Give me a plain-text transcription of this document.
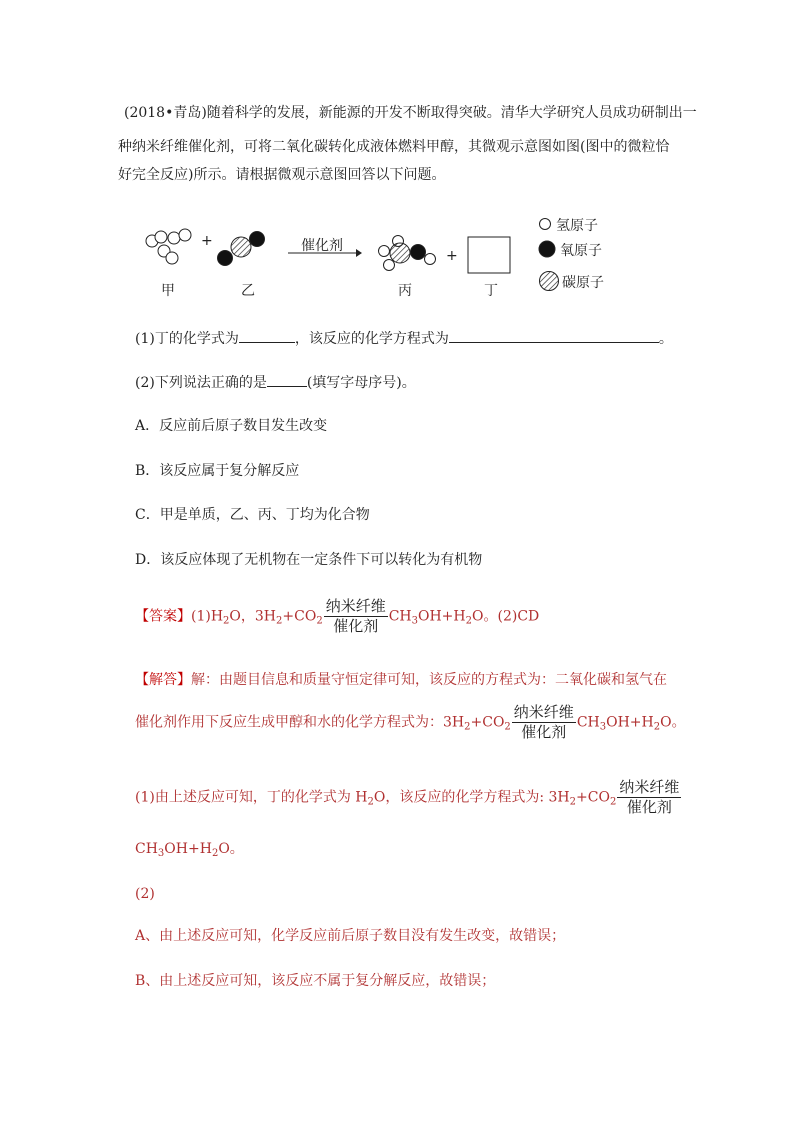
(2018•青岛)随着科学的发展，新能源的开发不断取得突破。清华大学研究人员成功研制出一
种纳米纤维催化剂，可将二氧化碳转化成液体燃料甲醇，其微观示意图如图(图中的微粒恰
好完全反应)所示。请根据微观示意图回答以下问题。
+
+
催化剂
甲	乙	丙	丁
氢原子
氧原子
碳原子
(1)丁的化学式为	，该反应的化学方程式为	。
(2)下列说法正确的是	(填写字母序号)。
A．反应前后原子数目发生改变
B．该反应属于复分解反应
C．甲是单质，乙、丙、丁均为化合物
D．该反应体现了无机物在一定条件下可以转化为有机物
【答案】$(1)H_2O$，$3H_2+CO_2 \frac{\text{纳米纤维}}{\text{催化剂}} CH_3OH+H_2O$。(2)CD
【解答】解：由题目信息和质量守恒定律可知，该反应的方程式为：二氧化碳和氢气在
催化剂作用下反应生成甲醇和水的化学方程式为：$3H_2+CO_2 \frac{\text{纳米纤维}}{\text{催化剂}} CH_3OH+H_2O$。
(1)由上述反应可知，丁的化学式为 $H_2O$，该反应的化学方程式为: $3H_2+CO_2 \frac{\text{纳米纤维}}{\text{催化剂}}$
$CH_3OH+H_2O$。
(2)
A、由上述反应可知，化学反应前后原子数目没有发生改变，故错误；
B、由上述反应可知，该反应不属于复分解反应，故错误；
